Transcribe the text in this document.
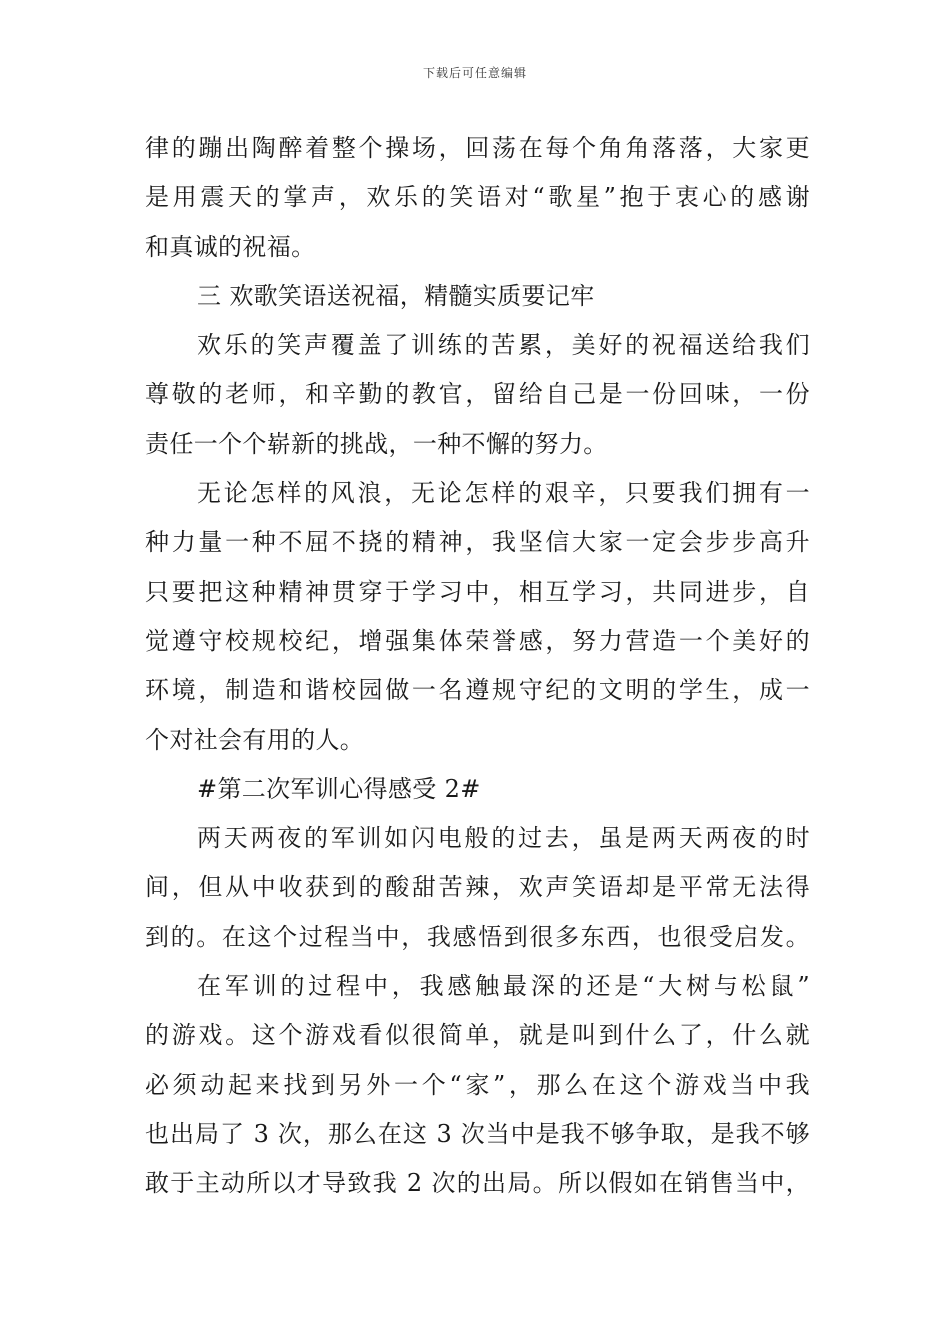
下载后可任意编辑
律的蹦出陶醉着整个操场，回荡在每个角角落落，大家更
是用震天的掌声，欢乐的笑语对“歌星”抱于衷心的感谢
和真诚的祝福。
三 欢歌笑语送祝福，精髓实质要记牢
欢乐的笑声覆盖了训练的苦累，美好的祝福送给我们
尊敬的老师，和辛勤的教官，留给自己是一份回味，一份
责任一个个崭新的挑战，一种不懈的努力。
无论怎样的风浪，无论怎样的艰辛，只要我们拥有一
种力量一种不屈不挠的精神，我坚信大家一定会步步高升
只要把这种精神贯穿于学习中，相互学习，共同进步，自
觉遵守校规校纪，增强集体荣誉感，努力营造一个美好的
环境，制造和谐校园做一名遵规守纪的文明的学生，成一
个对社会有用的人。
#第二次军训心得感受 2#
两天两夜的军训如闪电般的过去，虽是两天两夜的时
间，但从中收获到的酸甜苦辣，欢声笑语却是平常无法得
到的。在这个过程当中，我感悟到很多东西，也很受启发。
在军训的过程中，我感触最深的还是“大树与松鼠”
的游戏。这个游戏看似很简单，就是叫到什么了，什么就
必须动起来找到另外一个“家”，那么在这个游戏当中我
也出局了 3 次，那么在这 3 次当中是我不够争取，是我不够
敢于主动所以才导致我 2 次的出局。所以假如在销售当中，
